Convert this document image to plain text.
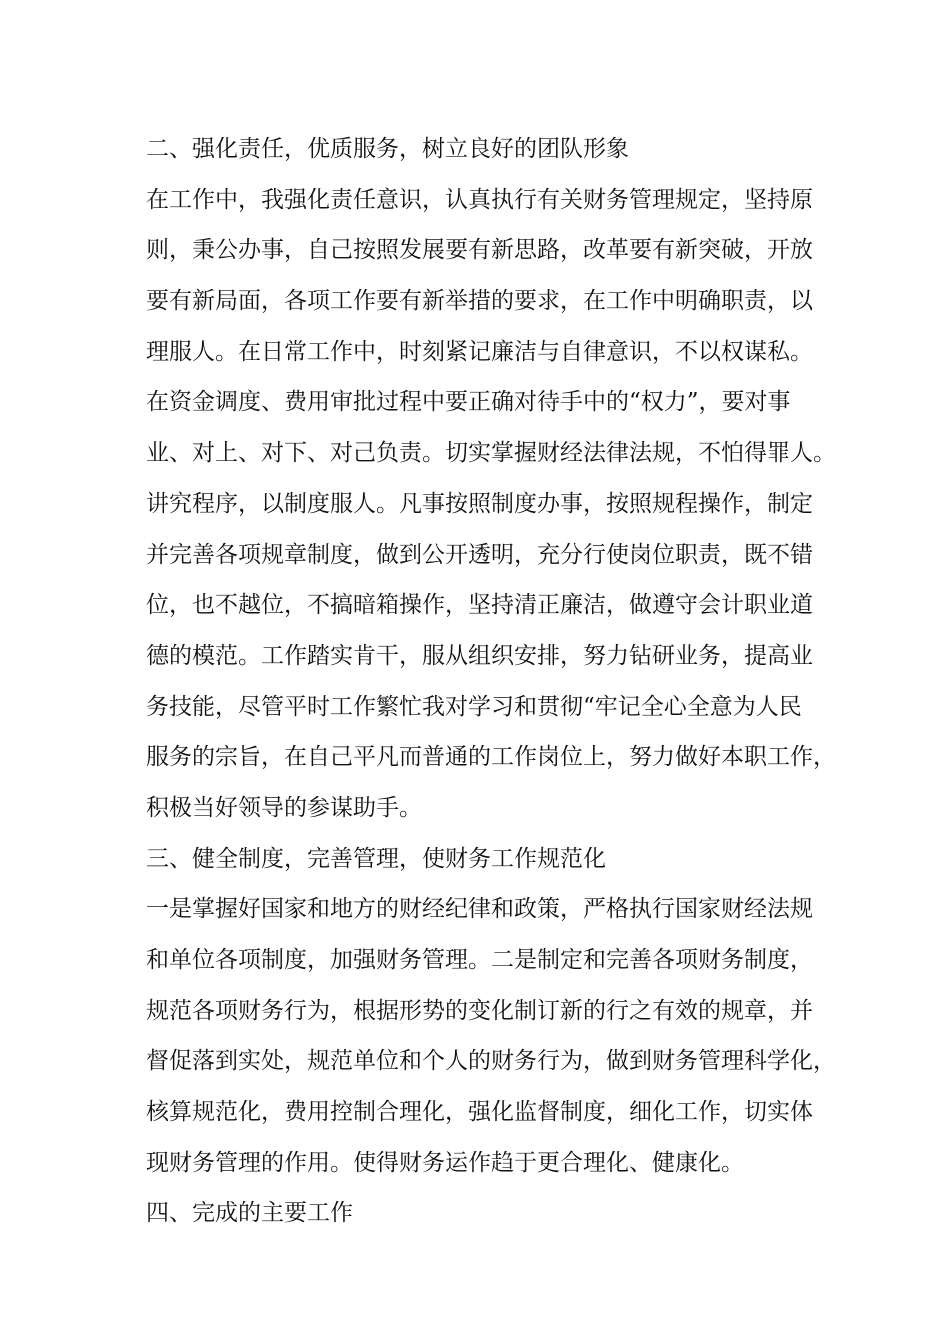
二、强化责任，优质服务，树立良好的团队形象
在工作中，我强化责任意识，认真执行有关财务管理规定，坚持原
则，秉公办事，自己按照发展要有新思路，改革要有新突破，开放
要有新局面，各项工作要有新举措的要求，在工作中明确职责，以
理服人。在日常工作中，时刻紧记廉洁与自律意识，不以权谋私。
在资金调度、费用审批过程中要正确对待手中的“权力”，要对事
业、对上、对下、对己负责。切实掌握财经法律法规，不怕得罪人。
讲究程序，以制度服人。凡事按照制度办事，按照规程操作，制定
并完善各项规章制度，做到公开透明，充分行使岗位职责，既不错
位，也不越位，不搞暗箱操作，坚持清正廉洁，做遵守会计职业道
德的模范。工作踏实肯干，服从组织安排，努力钻研业务，提高业
务技能，尽管平时工作繁忙我对学习和贯彻“牢记全心全意为人民
服务的宗旨，在自己平凡而普通的工作岗位上，努力做好本职工作，
积极当好领导的参谋助手。
三、健全制度，完善管理，使财务工作规范化
一是掌握好国家和地方的财经纪律和政策，严格执行国家财经法规
和单位各项制度，加强财务管理。二是制定和完善各项财务制度，
规范各项财务行为，根据形势的变化制订新的行之有效的规章，并
督促落到实处，规范单位和个人的财务行为，做到财务管理科学化，
核算规范化，费用控制合理化，强化监督制度，细化工作，切实体
现财务管理的作用。使得财务运作趋于更合理化、健康化。
四、完成的主要工作
